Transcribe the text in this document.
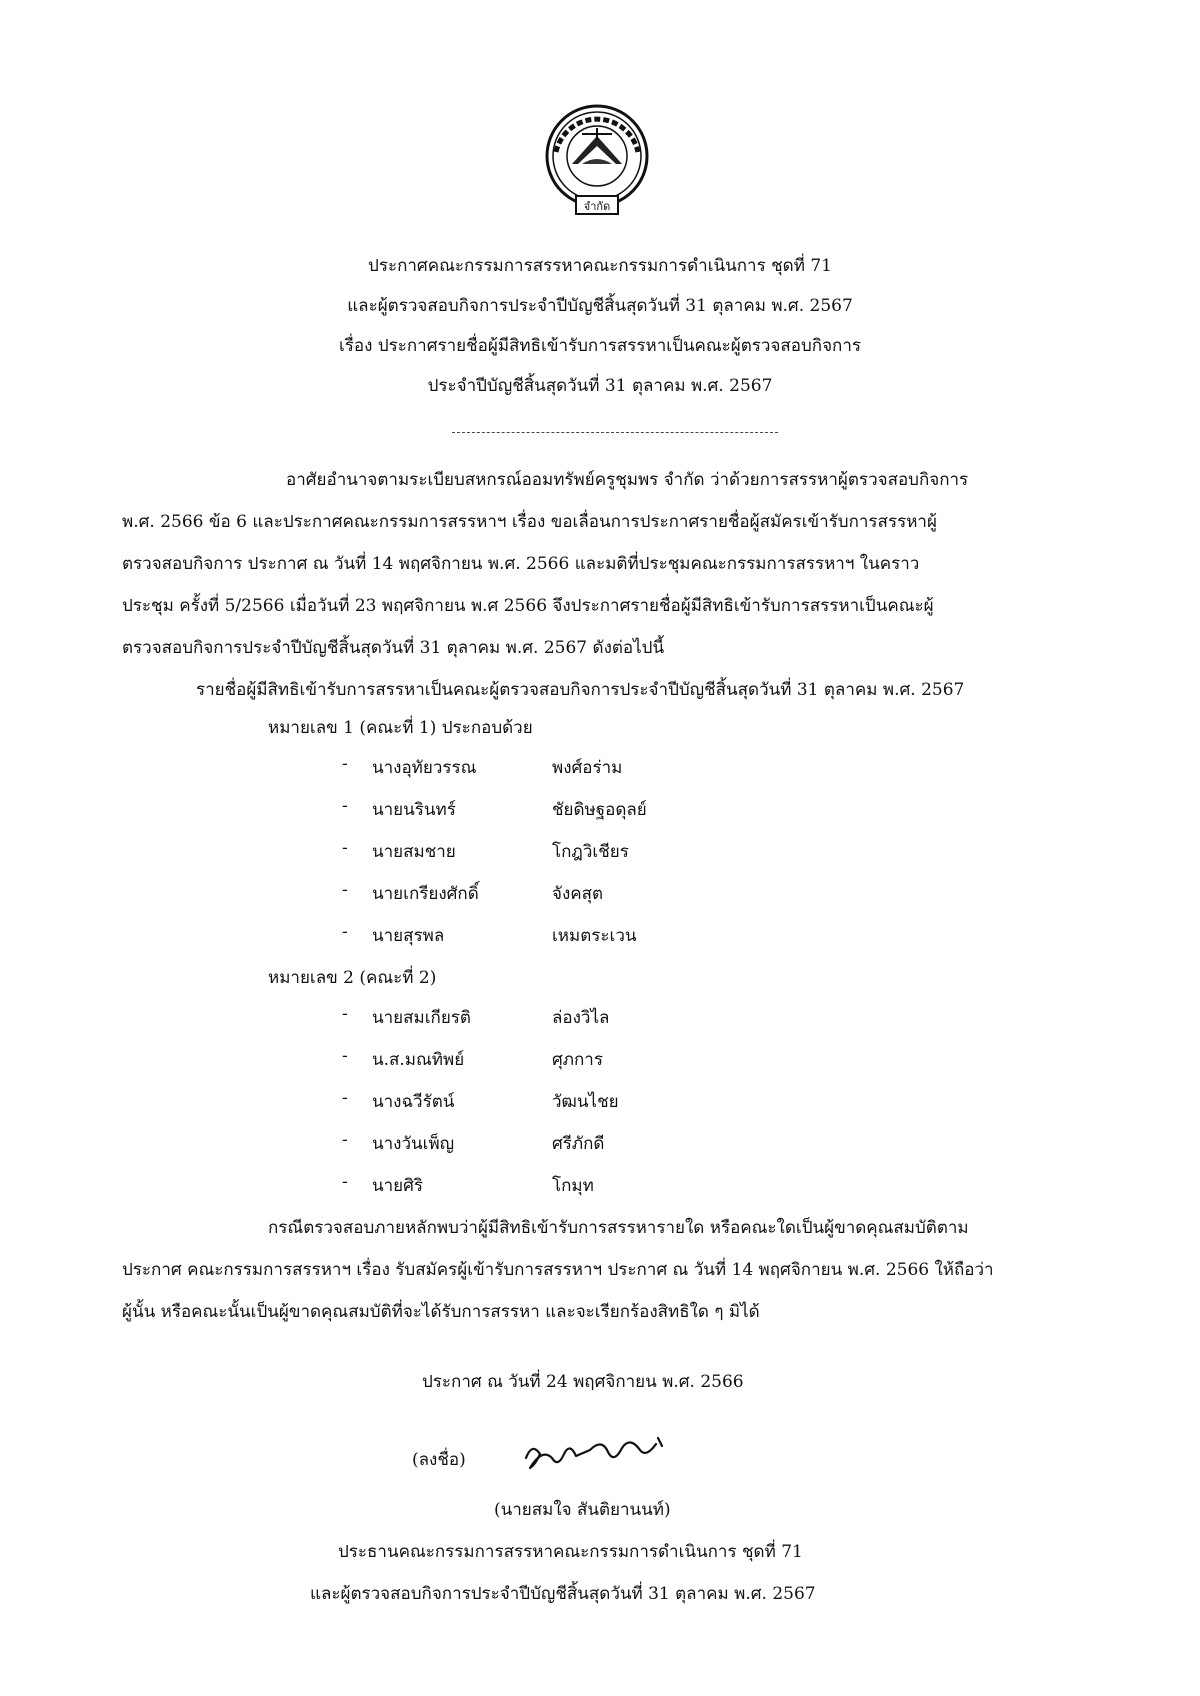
จำกัด
ประกาศคณะกรรมการสรรหาคณะกรรมการดำเนินการ ชุดที่ 71
และผู้ตรวจสอบกิจการประจำปีบัญชีสิ้นสุดวันที่ 31 ตุลาคม พ.ศ. 2567
เรื่อง ประกาศรายชื่อผู้มีสิทธิเข้ารับการสรรหาเป็นคณะผู้ตรวจสอบกิจการ
ประจำปีบัญชีสิ้นสุดวันที่ 31 ตุลาคม พ.ศ. 2567
อาศัยอำนาจตามระเบียบสหกรณ์ออมทรัพย์ครูชุมพร จำกัด ว่าด้วยการสรรหาผู้ตรวจสอบกิจการ
พ.ศ. 2566 ข้อ 6 และประกาศคณะกรรมการสรรหาฯ เรื่อง ขอเลื่อนการประกาศรายชื่อผู้สมัครเข้ารับการสรรหาผู้
ตรวจสอบกิจการ ประกาศ ณ วันที่ 14 พฤศจิกายน พ.ศ. 2566 และมติที่ประชุมคณะกรรมการสรรหาฯ ในคราว
ประชุม ครั้งที่ 5/2566 เมื่อวันที่ 23 พฤศจิกายน พ.ศ 2566 จึงประกาศรายชื่อผู้มีสิทธิเข้ารับการสรรหาเป็นคณะผู้
ตรวจสอบกิจการประจำปีบัญชีสิ้นสุดวันที่ 31 ตุลาคม พ.ศ. 2567 ดังต่อไปนี้
รายชื่อผู้มีสิทธิเข้ารับการสรรหาเป็นคณะผู้ตรวจสอบกิจการประจำปีบัญชีสิ้นสุดวันที่ 31 ตุลาคม พ.ศ. 2567
หมายเลข 1 (คณะที่ 1) ประกอบด้วย
- นางอุทัยวรรณ	พงศ์อร่าม
- นายนรินทร์	ชัยดิษฐอดุลย์
- นายสมชาย	โกฎวิเชียร
- นายเกรียงศักดิ์	จังคสุต
- นายสุรพล	เหมตระเวน
หมายเลข 2 (คณะที่ 2)
- นายสมเกียรติ	ล่องวิไล
- น.ส.มณทิพย์	ศุภการ
- นางฉวีรัตน์	วัฒนไชย
- นางวันเพ็ญ	ศรีภักดี
- นายศิริ	โกมุท
กรณีตรวจสอบภายหลักพบว่าผู้มีสิทธิเข้ารับการสรรหารายใด หรือคณะใดเป็นผู้ขาดคุณสมบัติตาม
ประกาศ คณะกรรมการสรรหาฯ เรื่อง รับสมัครผู้เข้ารับการสรรหาฯ ประกาศ ณ วันที่ 14 พฤศจิกายน พ.ศ. 2566 ให้ถือว่า
ผู้นั้น หรือคณะนั้นเป็นผู้ขาดคุณสมบัติที่จะได้รับการสรรหา และจะเรียกร้องสิทธิใด ๆ มิได้
ประกาศ ณ วันที่ 24 พฤศจิกายน พ.ศ. 2566
(ลงชื่อ)
(นายสมใจ สันติยานนท์)
ประธานคณะกรรมการสรรหาคณะกรรมการดำเนินการ ชุดที่ 71
และผู้ตรวจสอบกิจการประจำปีบัญชีสิ้นสุดวันที่ 31 ตุลาคม พ.ศ. 2567
